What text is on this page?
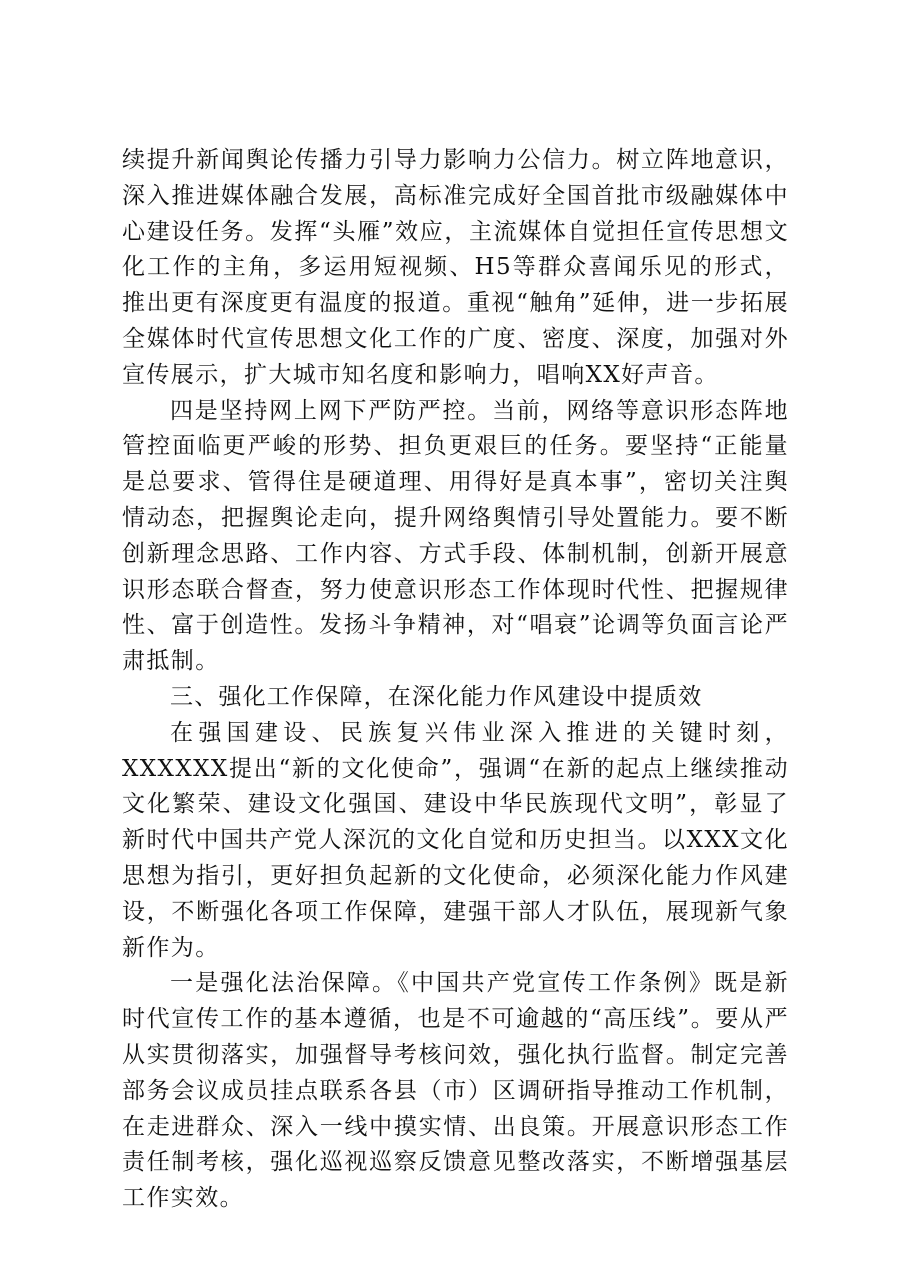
续提升新闻舆论传播力引导力影响力公信力。树立阵地意识，深入推进媒体融合发展，高标准完成好全国首批市级融媒体中心建设任务。发挥“头雁”效应，主流媒体自觉担任宣传思想文化工作的主角，多运用短视频、H5等群众喜闻乐见的形式，推出更有深度更有温度的报道。重视“触角”延伸，进一步拓展全媒体时代宣传思想文化工作的广度、密度、深度，加强对外宣传展示，扩大城市知名度和影响力，唱响XX好声音。

四是坚持网上网下严防严控。当前，网络等意识形态阵地管控面临更严峻的形势、担负更艰巨的任务。要坚持“正能量是总要求、管得住是硬道理、用得好是真本事”，密切关注舆情动态，把握舆论走向，提升网络舆情引导处置能力。要不断创新理念思路、工作内容、方式手段、体制机制，创新开展意识形态联合督查，努力使意识形态工作体现时代性、把握规律性、富于创造性。发扬斗争精神，对“唱衰”论调等负面言论严肃抵制。

三、强化工作保障，在深化能力作风建设中提质效

在强国建设、民族复兴伟业深入推进的关键时刻，XXXXXX提出“新的文化使命”，强调“在新的起点上继续推动文化繁荣、建设文化强国、建设中华民族现代文明”，彰显了新时代中国共产党人深沉的文化自觉和历史担当。以XXX文化思想为指引，更好担负起新的文化使命，必须深化能力作风建设，不断强化各项工作保障，建强干部人才队伍，展现新气象新作为。

一是强化法治保障。《中国共产党宣传工作条例》既是新时代宣传工作的基本遵循，也是不可逾越的“高压线”。要从严从实贯彻落实，加强督导考核问效，强化执行监督。制定完善部务会议成员挂点联系各县（市）区调研指导推动工作机制，在走进群众、深入一线中摸实情、出良策。开展意识形态工作责任制考核，强化巡视巡察反馈意见整改落实，不断增强基层工作实效。
